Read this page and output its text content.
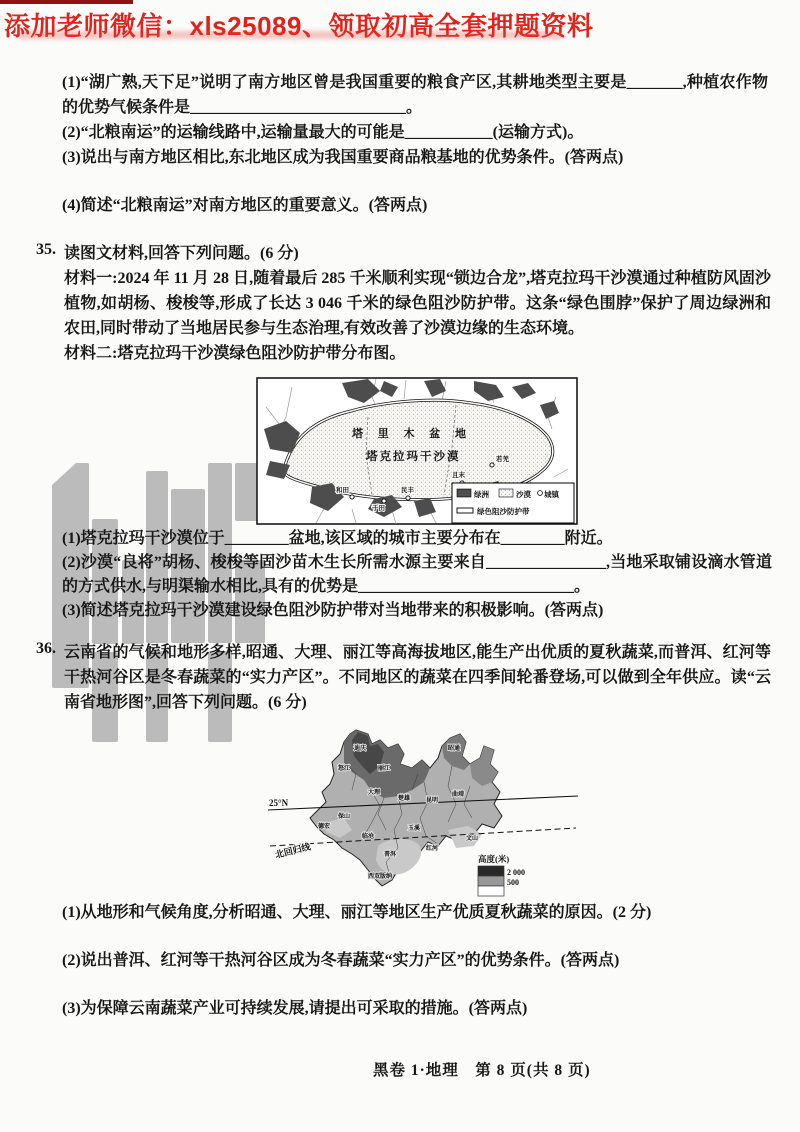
添加老师微信：xls25089、领取初高全套押题资料

(1)“湖广熟,天下足”说明了南方地区曾是我国重要的粮食产区,其耕地类型主要是_______,种植农作物的优势气候条件是___________________________。

(2)“北粮南运”的运输线路中,运输量最大的可能是___________(运输方式)。

(3)说出与南方地区相比,东北地区成为我国重要商品粮基地的优势条件。(答两点)

(4)简述“北粮南运”对南方地区的重要意义。(答两点)

35. 读图文材料,回答下列问题。(6 分)

材料一:2024 年 11 月 28 日,随着最后 285 千米顺利实现“锁边合龙”,塔克拉玛干沙漠通过种植防风固沙植物,如胡杨、梭梭等,形成了长达 3 046 千米的绿色阻沙防护带。这条“绿色围脖”保护了周边绿洲和农田,同时带动了当地居民参与生态治理,有效改善了沙漠边缘的生态环境。

材料二:塔克拉玛干沙漠绿色阻沙防护带分布图。

塔 里 木 盆 地
塔克拉玛干沙漠
和田
于田
民丰
且末
若羌
绿洲	沙漠 城镇
绿色阻沙防护带

(1)塔克拉玛干沙漠位于________盆地,该区域的城市主要分布在________附近。

(2)沙漠“良将”胡杨、梭梭等固沙苗木生长所需水源主要来自_______________,当地采取铺设滴水管道的方式供水,与明渠输水相比,具有的优势是___________________________。

(3)简述塔克拉玛干沙漠建设绿色阻沙防护带对当地带来的积极影响。(答两点)

36. 云南省的气候和地形多样,昭通、大理、丽江等高海拔地区,能生产出优质的夏秋蔬菜,而普洱、红河等干热河谷区是冬春蔬菜的“实力产区”。不同地区的蔬菜在四季间轮番登场,可以做到全年供应。读“云南省地形图”,回答下列问题。(6 分)

25°N
北回归线
迪庆
怒江	丽江
昭通
大理
楚雄	昆明
曲靖
保山
德宏
临沧
玉溪
普洱
红河
文山
西双版纳
高度(米)
2 000
500

(1)从地形和气候角度,分析昭通、大理、丽江等地区生产优质夏秋蔬菜的原因。(2 分)

(2)说出普洱、红河等干热河谷区成为冬春蔬菜“实力产区”的优势条件。(答两点)

(3)为保障云南蔬菜产业可持续发展,请提出可采取的措施。(答两点)

黑卷 1·地理　第 8 页(共 8 页)
